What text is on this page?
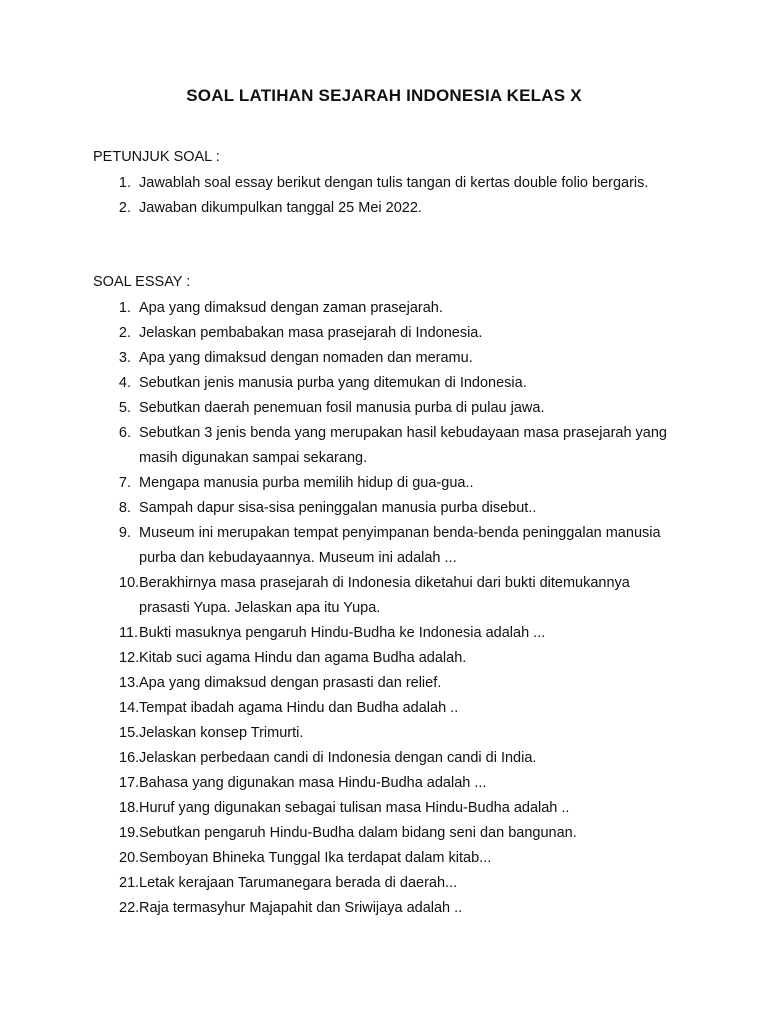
SOAL LATIHAN SEJARAH INDONESIA KELAS X

PETUNJUK SOAL :

1. Jawablah soal essay berikut dengan tulis tangan di kertas double folio bergaris.
2. Jawaban dikumpulkan tanggal 25 Mei 2022.

SOAL ESSAY :

1. Apa yang dimaksud dengan zaman prasejarah.
2. Jelaskan pembabakan masa prasejarah di Indonesia.
3. Apa yang dimaksud dengan nomaden dan meramu.
4. Sebutkan jenis manusia purba yang ditemukan di Indonesia.
5. Sebutkan daerah penemuan fosil manusia purba di pulau jawa.
6. Sebutkan 3 jenis benda yang merupakan hasil kebudayaan masa prasejarah yang masih digunakan sampai sekarang.
7. Mengapa manusia purba memilih hidup di gua-gua..
8. Sampah dapur sisa-sisa peninggalan manusia purba disebut..
9. Museum ini merupakan tempat penyimpanan benda-benda peninggalan manusia purba dan kebudayaannya. Museum ini adalah ...
10. Berakhirnya masa prasejarah di Indonesia diketahui dari bukti ditemukannya prasasti Yupa. Jelaskan apa itu Yupa.
11. Bukti masuknya pengaruh Hindu-Budha ke Indonesia adalah ...
12. Kitab suci agama Hindu dan agama Budha adalah.
13. Apa yang dimaksud dengan prasasti dan relief.
14. Tempat ibadah agama Hindu dan Budha adalah ..
15. Jelaskan konsep Trimurti.
16. Jelaskan perbedaan candi di Indonesia dengan candi di India.
17. Bahasa yang digunakan masa Hindu-Budha adalah ...
18. Huruf yang digunakan sebagai tulisan masa Hindu-Budha adalah ..
19. Sebutkan pengaruh Hindu-Budha dalam bidang seni dan bangunan.
20. Semboyan Bhineka Tunggal Ika terdapat dalam kitab...
21. Letak kerajaan Tarumanegara berada di daerah...
22. Raja termasyhur Majapahit dan Sriwijaya adalah ..
